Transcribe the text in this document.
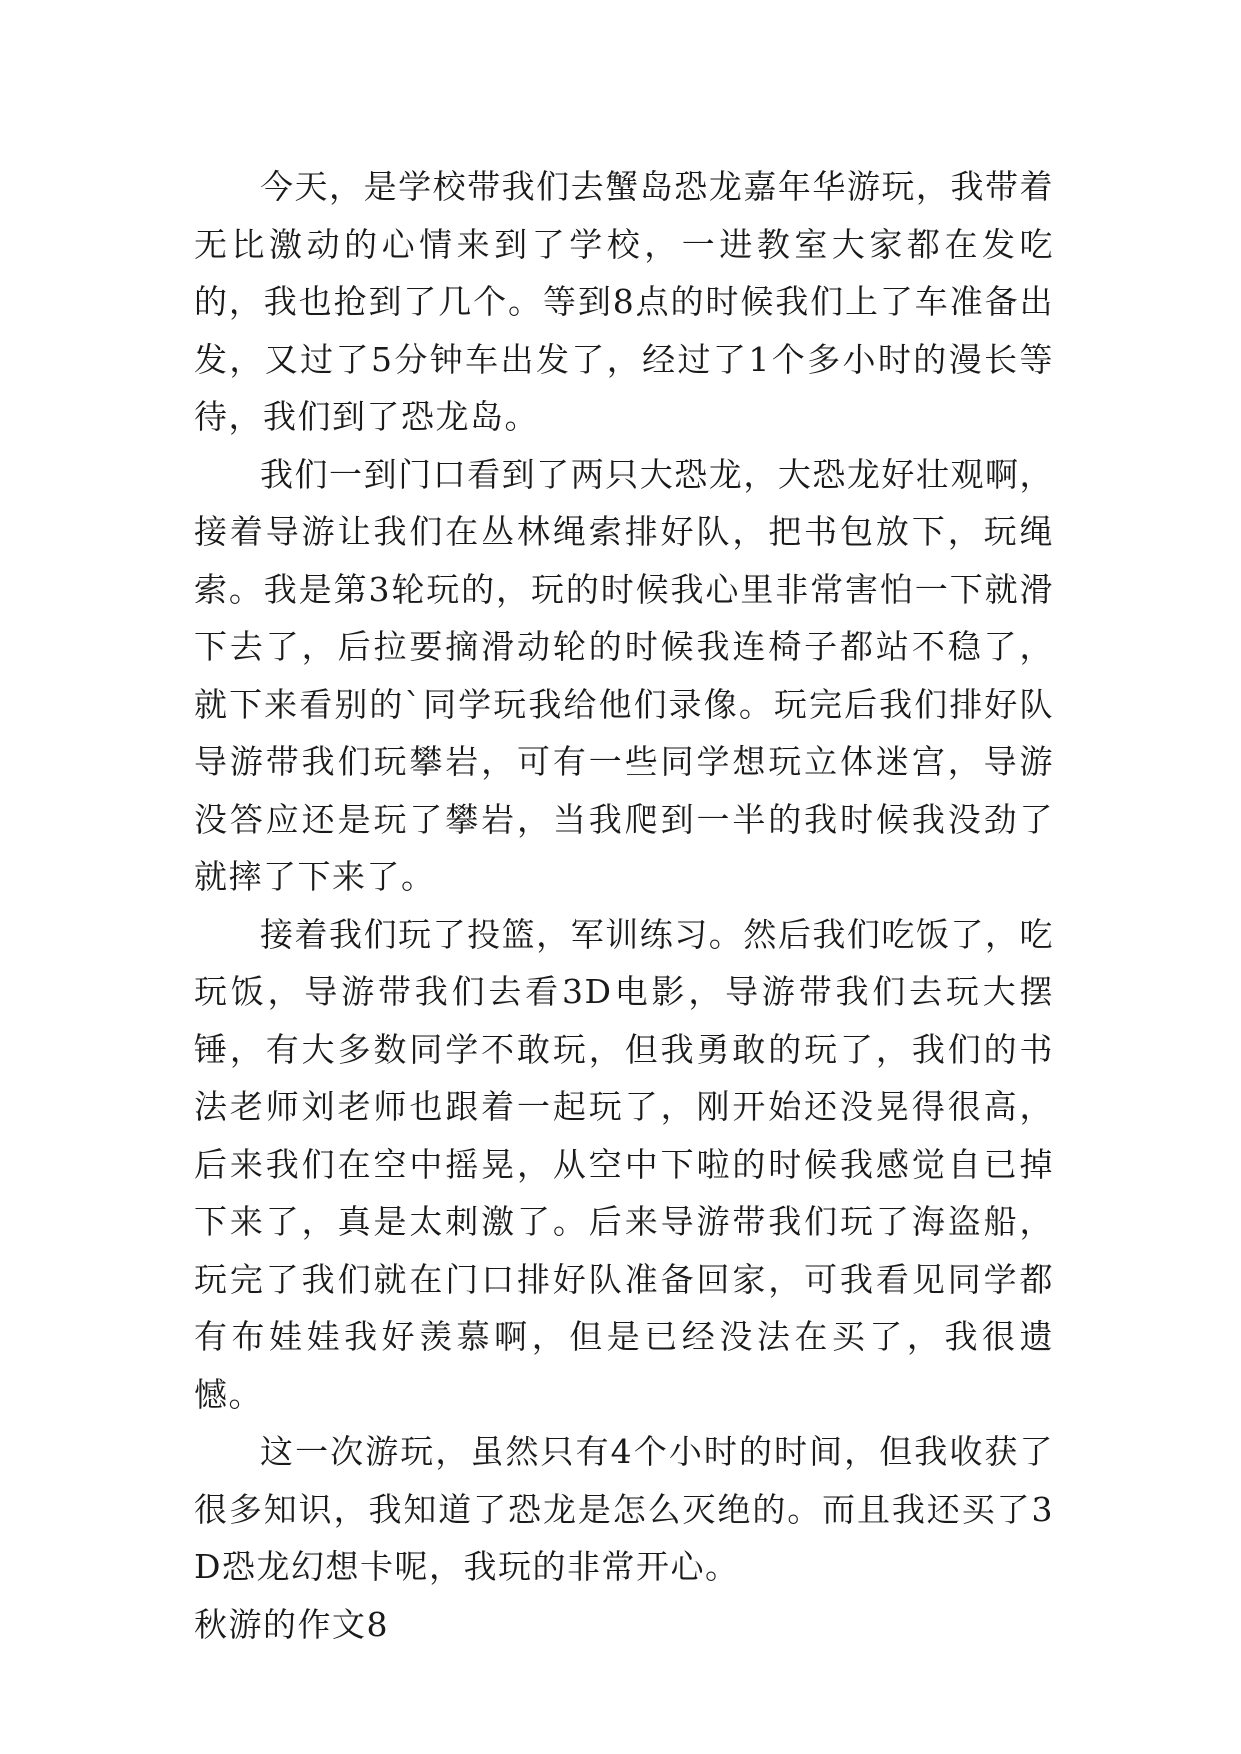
今天，是学校带我们去蟹岛恐龙嘉年华游玩，我带着无比激动的心情来到了学校，一进教室大家都在发吃的，我也抢到了几个。等到8点的时候我们上了车准备出发，又过了5分钟车出发了，经过了1个多小时的漫长等待，我们到了恐龙岛。

我们一到门口看到了两只大恐龙，大恐龙好壮观啊，接着导游让我们在丛林绳索排好队，把书包放下，玩绳索。我是第3轮玩的，玩的时候我心里非常害怕一下就滑下去了，后拉要摘滑动轮的时候我连椅子都站不稳了，就下来看别的`同学玩我给他们录像。玩完后我们排好队导游带我们玩攀岩，可有一些同学想玩立体迷宫，导游没答应还是玩了攀岩，当我爬到一半的我时候我没劲了就摔了下来了。

接着我们玩了投篮，军训练习。然后我们吃饭了，吃玩饭，导游带我们去看3D电影，导游带我们去玩大摆锤，有大多数同学不敢玩，但我勇敢的玩了，我们的书法老师刘老师也跟着一起玩了，刚开始还没晃得很高，后来我们在空中摇晃，从空中下啦的时候我感觉自已掉下来了，真是太刺激了。后来导游带我们玩了海盗船，玩完了我们就在门口排好队准备回家，可我看见同学都有布娃娃我好羡慕啊，但是已经没法在买了，我很遗憾。

这一次游玩，虽然只有4个小时的时间，但我收获了很多知识，我知道了恐龙是怎么灭绝的。而且我还买了3D恐龙幻想卡呢，我玩的非常开心。

秋游的作文8
